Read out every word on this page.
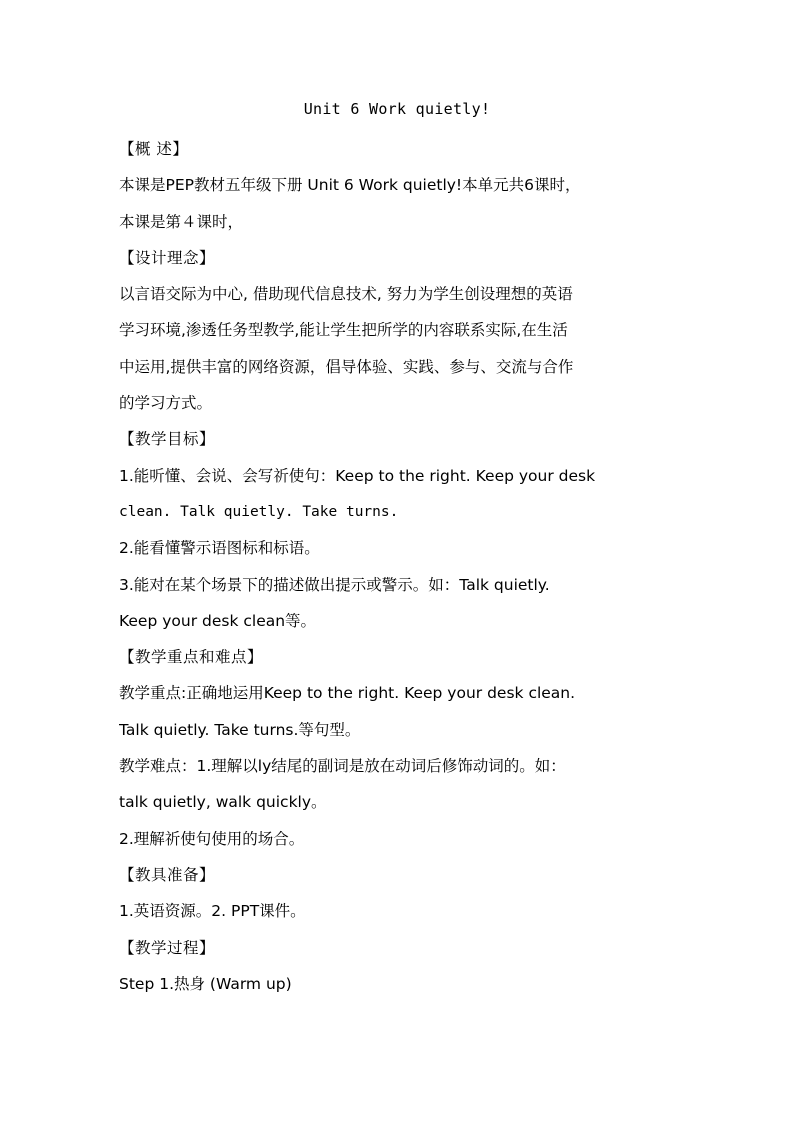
Unit 6 Work quietly!
【概 述】
本课是PEP教材五年级下册 Unit 6 Work quietly!本单元共6课时，
本课是第４课时，
【设计理念】
以言语交际为中心, 借助现代信息技术, 努力为学生创设理想的英语
学习环境,渗透任务型教学,能让学生把所学的内容联系实际,在生活
中运用,提供丰富的网络资源，倡导体验、实践、参与、交流与合作
的学习方式。
【教学目标】
1.能听懂、会说、会写祈使句：Keep to the right. Keep your desk
clean. Talk quietly. Take turns.
2.能看懂警示语图标和标语。
3.能对在某个场景下的描述做出提示或警示。如：Talk quietly.
Keep your desk clean等。
【教学重点和难点】
教学重点:正确地运用Keep to the right. Keep your desk clean.
Talk quietly. Take turns.等句型。
教学难点：1.理解以ly结尾的副词是放在动词后修饰动词的。如：
talk quietly, walk quickly。
2.理解祈使句使用的场合。
【教具准备】
1.英语资源。2. PPT课件。
【教学过程】
Step 1.热身 (Warm up)
